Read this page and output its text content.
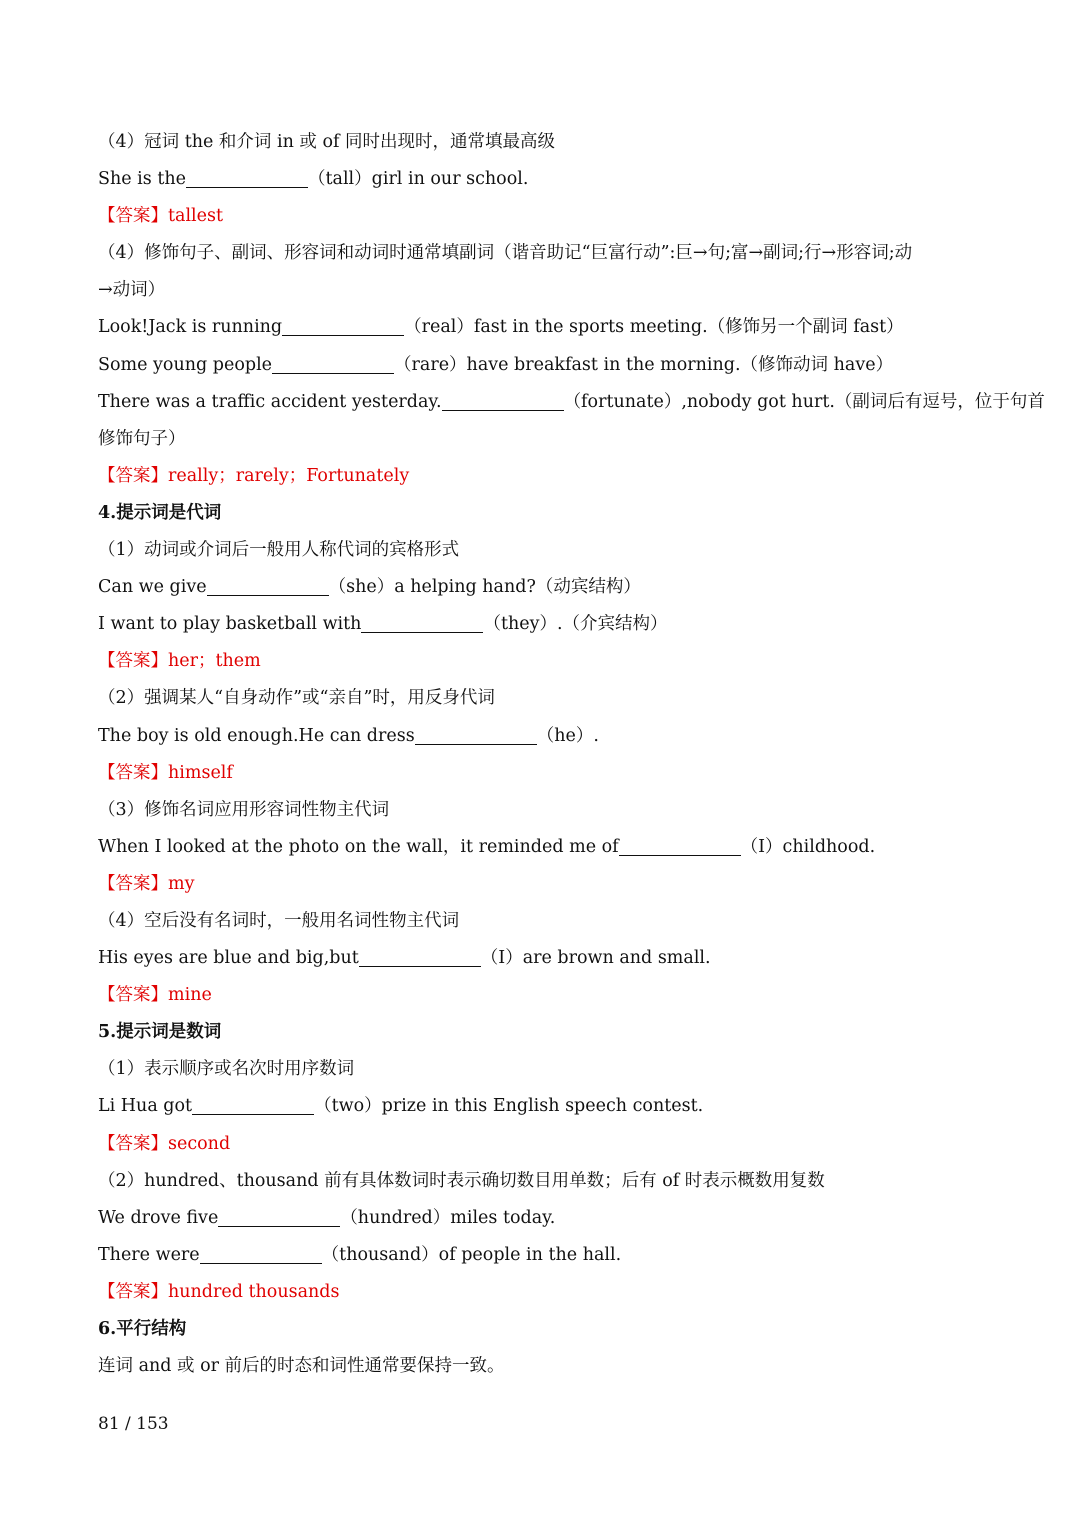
（4）冠词 the 和介词 in 或 of 同时出现时，通常填最高级
She is the	（tall）girl in our school.
【答案】tallest
（4）修饰句子、副词、形容词和动词时通常填副词（谐音助记“巨富行动”:巨→句;富→副词;行→形容词;动
→动词）
Look!Jack is running	（real）fast in the sports meeting.（修饰另一个副词 fast）
Some young people	（rare）have breakfast in the morning.（修饰动词 have）
There was a traffic accident yesterday.	（fortunate）,nobody got hurt.（副词后有逗号，位于句首
修饰句子）
【答案】really；rarely；Fortunately
4.提示词是代词
（1）动词或介词后一般用人称代词的宾格形式
Can we give	（she）a helping hand?（动宾结构）
I want to play basketball with	（they）.（介宾结构）
【答案】her；them
（2）强调某人“自身动作”或“亲自”时，用反身代词
The boy is old enough.He can dress	（he）.
【答案】himself
（3）修饰名词应用形容词性物主代词
When I looked at the photo on the wall，it reminded me of	（I）childhood.
【答案】my
（4）空后没有名词时，一般用名词性物主代词
His eyes are blue and big,but	（I）are brown and small.
【答案】mine
5.提示词是数词
（1）表示顺序或名次时用序数词
Li Hua got	（two）prize in this English speech contest.
【答案】second
（2）hundred、thousand 前有具体数词时表示确切数目用单数；后有 of 时表示概数用复数
We drove five	（hundred）miles today.
There were	（thousand）of people in the hall.
【答案】hundred thousands
6.平行结构
连词 and 或 or 前后的时态和词性通常要保持一致。
81 / 153
